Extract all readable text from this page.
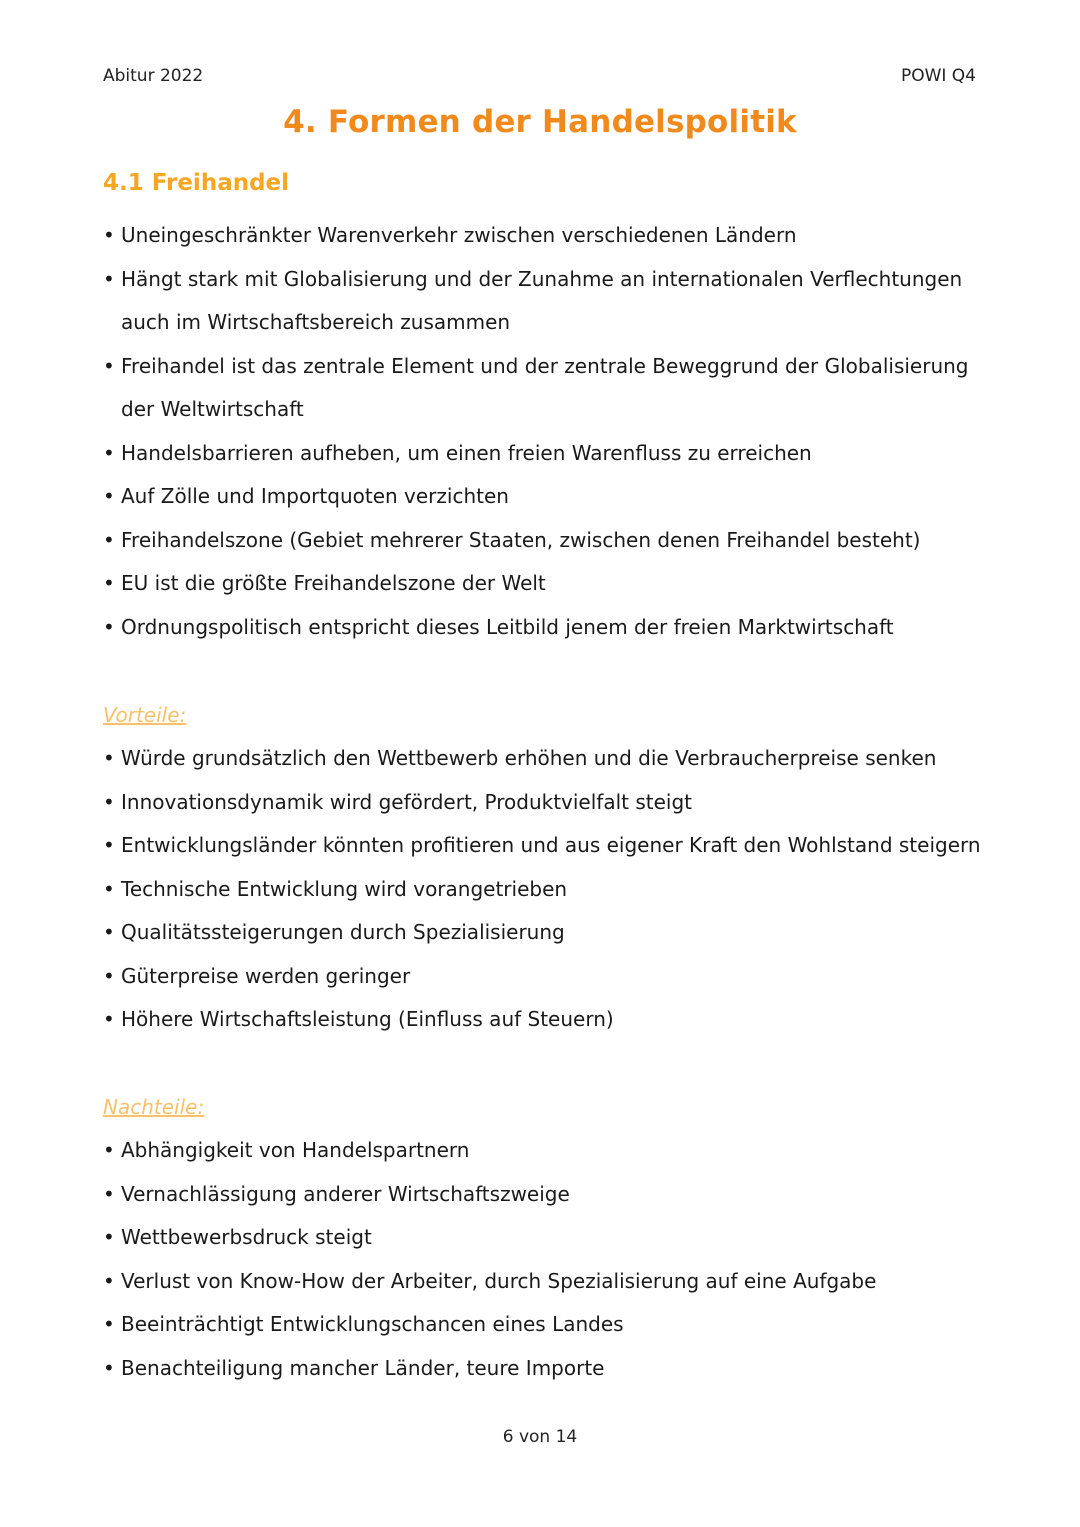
Abitur 2022	POWI Q4
4. Formen der Handelspolitik
4.1 Freihandel
• Uneingeschränkter Warenverkehr zwischen verschiedenen Ländern
• Hängt stark mit Globalisierung und der Zunahme an internationalen Verflechtungen
auch im Wirtschaftsbereich zusammen
• Freihandel ist das zentrale Element und der zentrale Beweggrund der Globalisierung
der Weltwirtschaft
• Handelsbarrieren aufheben, um einen freien Warenfluss zu erreichen
• Auf Zölle und Importquoten verzichten
• Freihandelszone (Gebiet mehrerer Staaten, zwischen denen Freihandel besteht)
• EU ist die größte Freihandelszone der Welt
• Ordnungspolitisch entspricht dieses Leitbild jenem der freien Marktwirtschaft
Vorteile:
• Würde grundsätzlich den Wettbewerb erhöhen und die Verbraucherpreise senken
• Innovationsdynamik wird gefördert, Produktvielfalt steigt
• Entwicklungsländer könnten profitieren und aus eigener Kraft den Wohlstand steigern
• Technische Entwicklung wird vorangetrieben
• Qualitätssteigerungen durch Spezialisierung
• Güterpreise werden geringer
• Höhere Wirtschaftsleistung (Einfluss auf Steuern)
Nachteile:
• Abhängigkeit von Handelspartnern
• Vernachlässigung anderer Wirtschaftszweige
• Wettbewerbsdruck steigt
• Verlust von Know-How der Arbeiter, durch Spezialisierung auf eine Aufgabe
• Beeinträchtigt Entwicklungschancen eines Landes
• Benachteiligung mancher Länder, teure Importe
6 von 14
